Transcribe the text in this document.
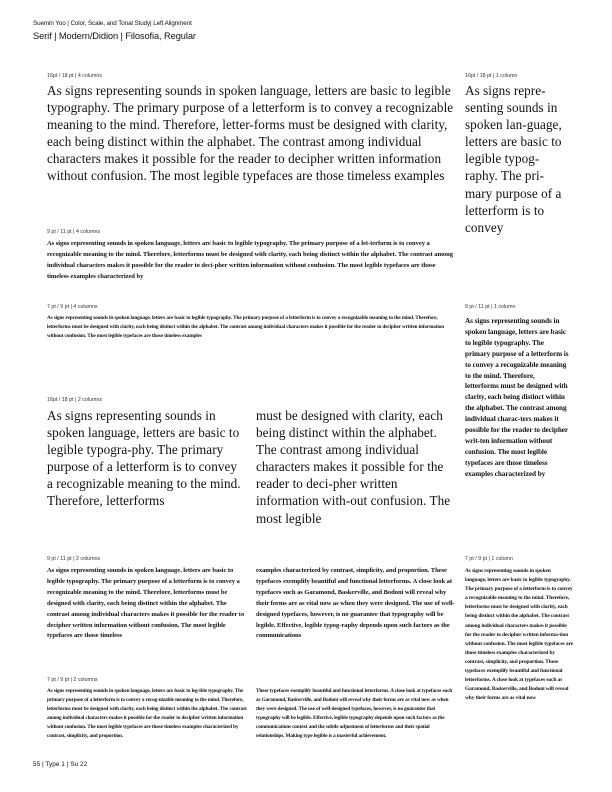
Suemin Yoo | Color, Scale, and Tonal Study| Left Alignment
Serif | Modern/Didion | Filosofia, Regular
16pt / 18 pt | 4 columns

As signs representing sounds in spoken language, letters are basic to legible typography. The primary purpose of a letterform is to convey a recognizable meaning to the mind. Therefore, letter-forms must be designed with clarity, each being distinct within the alphabet. The contrast among individual characters makes it possible for the reader to decipher written information without confusion. The most legible typefaces are those timeless examples

16pt / 18 pt | 1 column

As signs repre-senting sounds in spoken lan-guage, letters are basic to legible typog-raphy. The pri-mary purpose of a letterform is to convey

9 pt / 11 pt | 4 columns

As signs representing sounds in spoken language, letters are basic to legible typography. The primary purpose of a let-terform is to convey a recognizable meaning to the mind. Therefore, letterforms must be designed with clarity, each being distinct within the alphabet. The contrast among individual characters makes it possible for the reader to deci-pher written information without confusion. The most legible typefaces are those timeless examples characterized by

7 pt / 9 pt | 4 columns

As signs representing sounds in spoken language, letters are basic to legible typography. The primary purpose of a letterform is to convey a recognizable meaning to the mind. Therefore, letterforms must be designed with clarity, each being distinct within the alphabet. The contrast among individual characters makes it possible for the reader to decipher written information without confusion. The most legible typefaces are those timeless examples

9 pt / 11 pt | 1 column

As signs representing sounds in spoken language, letters are basic to legible typography. The primary purpose of a letterform is to convey a recognizable meaning to the mind. Therefore, letterforms must be designed with clarity, each being distinct within the alphabet. The contrast among individual charac-ters makes it possible for the reader to decipher writ-ten information without confusion. The most legible typefaces are those timeless examples characterized by

16pt / 18 pt | 2 columns

As signs representing sounds in spoken language, letters are basic to legible typogra-phy. The primary purpose of a letterform is to convey a recognizable meaning to the mind. Therefore, letterforms

must be designed with clarity, each being distinct within the alphabet. The contrast among individual characters makes it possible for the reader to deci-pher written information with-out confusion. The most legible

9 pt / 11 pt | 2 columns

As signs representing sounds in spoken language, letters are basic to legible typography. The primary purpose of a letterform is to convey a recognizable meaning to the mind. Therefore, letterforms must be designed with clarity, each being distinct within the alphabet. The contrast among individual characters makes it possible for the reader to decipher written information without confusion. The most legible typefaces are those timeless

examples characterized by contrast, simplicity, and proportion. These typefaces exemplify beautiful and functional letterforms. A close look at typefaces such as Garamond, Baskerville, and Bodoni will reveal why their forms are as vital now as when they were designed. The use of well-designed typefaces, however, is no guarantee that typography will be legible. Effective, legible typog-raphy depends upon such factors as the communications

7 pt / 9 pt | 1 column

As signs representing sounds in spoken language, letters are basic to legible typography. The primary purpose of a letterform is to convey a recognizable meaning to the mind. Therefore, letterforms must be designed with clarity, each being distinct within the alphabet. The contrast among individual characters makes it possible for the reader to decipher written informa-tion without confusion. The most legible typefaces are those timeless examples characterized by contrast, simplicity, and proportion. These typefaces exemplify beautiful and functional letterforms. A close look at typefaces such as Garamond, Baskerville, and Bodoni will reveal why their forms are as vital now

7 pt / 9 pt | 2 columns

As signs representing sounds in spoken language, letters are basic to leg-ible typography. The primary purpose of a letterform is to convey a recog-nizable meaning to the mind. Therefore, letterforms must be designed with clarity, each being distinct within the alphabet. The contrast among individual characters makes it possible for the reader to decipher written information without confusion. The most legible typefaces are those timeless examples characterized by contrast, simplicity, and proportion.

These typefaces exemplify beautiful and functional letterforms. A close look at typefaces such as Garamond, Baskerville, and Bodoni will reveal why their forms are as vital now as when they were designed. The use of well-designed typefaces, however, is no guarantee that typography will be legible. Effective, legible typography depends upon such factors as the communications context and the subtle adjustment of letterforms and their spatial relationships. Making type legible is a masterful achievement,

55 | Type 1 | Su 22
